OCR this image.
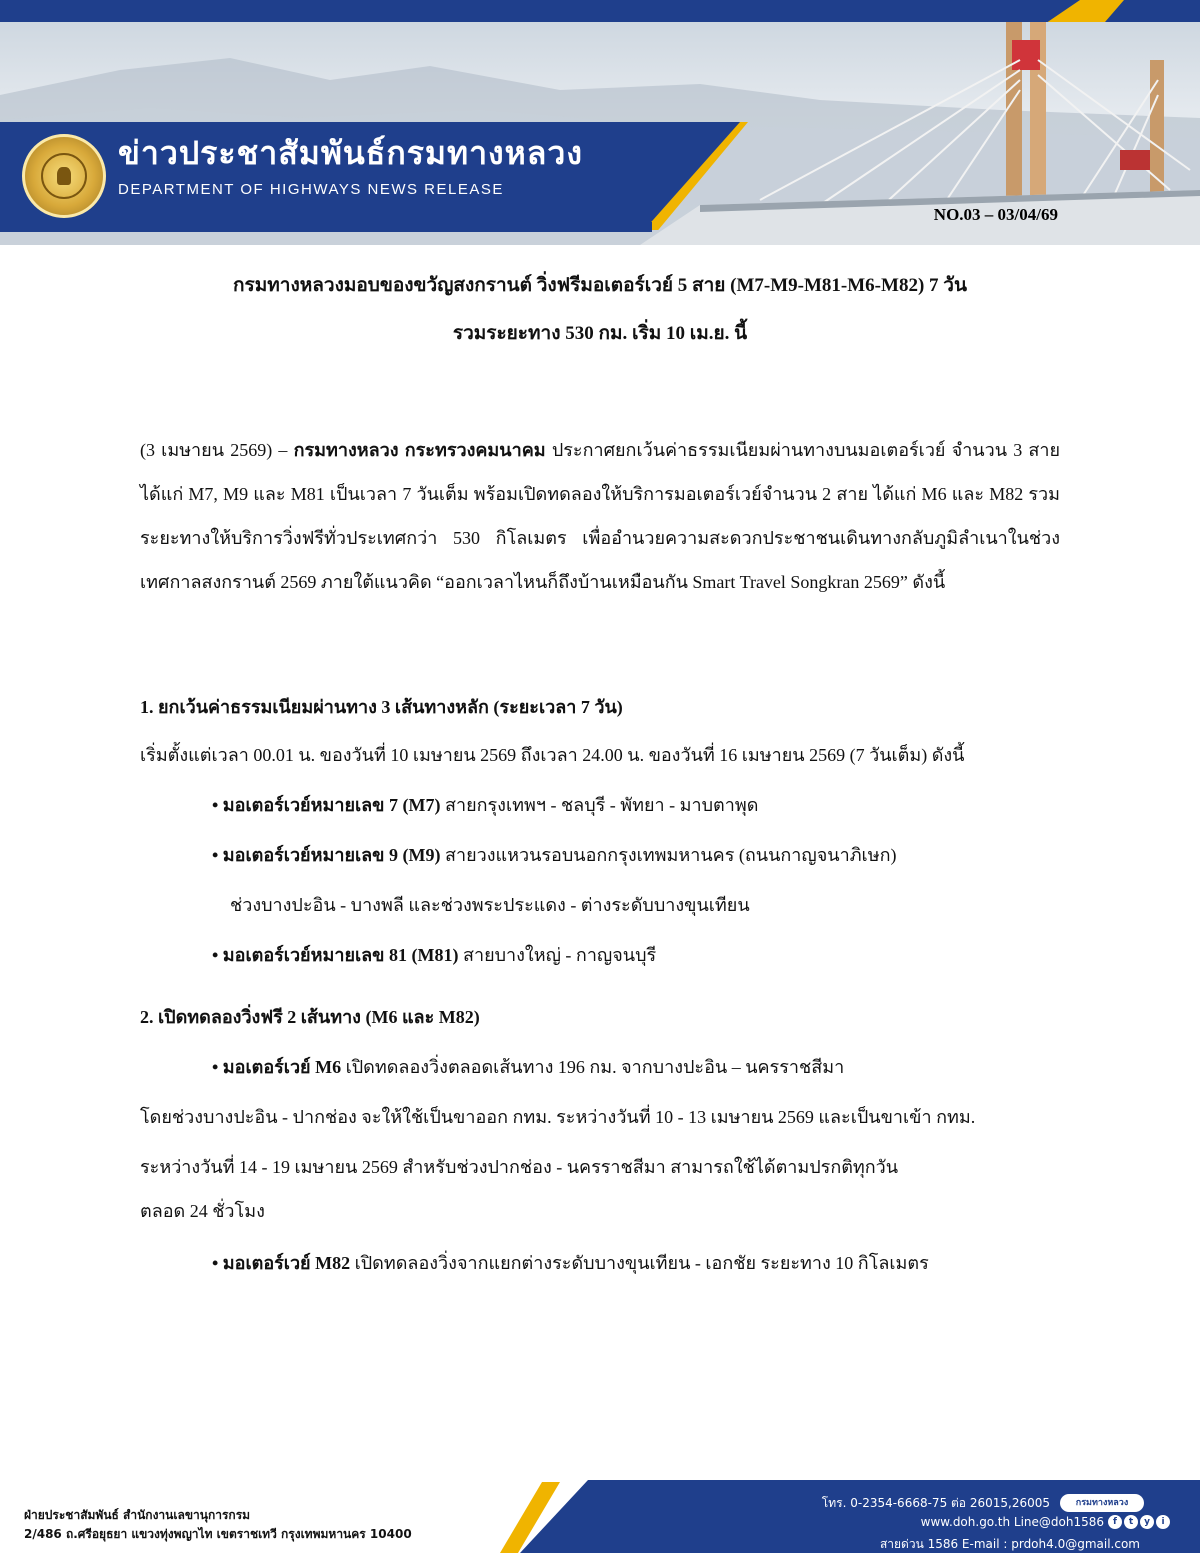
ข่าวประชาสัมพันธ์กรมทางหลวง
DEPARTMENT OF HIGHWAYS NEWS RELEASE
NO.03 – 03/04/69
กรมทางหลวงมอบของขวัญสงกรานต์ วิ่งฟรีมอเตอร์เวย์ 5 สาย (M7-M9-M81-M6-M82) 7 วัน
รวมระยะทาง 530 กม. เริ่ม 10 เม.ย. นี้
(3 เมษายน 2569) – กรมทางหลวง กระทรวงคมนาคม ประกาศยกเว้นค่าธรรมเนียมผ่านทางบนมอเตอร์เวย์ จำนวน 3 สาย ได้แก่ M7, M9 และ M81 เป็นเวลา 7 วันเต็ม พร้อมเปิดทดลองให้บริการมอเตอร์เวย์จำนวน 2 สาย ได้แก่ M6 และ M82 รวมระยะทางให้บริการวิ่งฟรีทั่วประเทศกว่า 530 กิโลเมตร เพื่ออำนวยความสะดวกประชาชนเดินทางกลับภูมิลำเนาในช่วงเทศกาลสงกรานต์ 2569 ภายใต้แนวคิด “ออกเวลาไหนก็ถึงบ้านเหมือนกัน Smart Travel Songkran 2569” ดังนี้
1. ยกเว้นค่าธรรมเนียมผ่านทาง 3 เส้นทางหลัก (ระยะเวลา 7 วัน)
เริ่มตั้งแต่เวลา 00.01 น. ของวันที่ 10 เมษายน 2569 ถึงเวลา 24.00 น. ของวันที่ 16 เมษายน 2569 (7 วันเต็ม) ดังนี้
• มอเตอร์เวย์หมายเลข 7 (M7) สายกรุงเทพฯ - ชลบุรี - พัทยา - มาบตาพุด
• มอเตอร์เวย์หมายเลข 9 (M9) สายวงแหวนรอบนอกกรุงเทพมหานคร (ถนนกาญจนาภิเษก)
ช่วงบางปะอิน - บางพลี และช่วงพระประแดง - ต่างระดับบางขุนเทียน
• มอเตอร์เวย์หมายเลข 81 (M81) สายบางใหญ่ - กาญจนบุรี
2. เปิดทดลองวิ่งฟรี 2 เส้นทาง (M6 และ M82)
• มอเตอร์เวย์ M6 เปิดทดลองวิ่งตลอดเส้นทาง 196 กม. จากบางปะอิน – นครราชสีมา
โดยช่วงบางปะอิน - ปากช่อง จะให้ใช้เป็นขาออก กทม. ระหว่างวันที่ 10 - 13 เมษายน 2569 และเป็นขาเข้า กทม.
ระหว่างวันที่ 14 - 19 เมษายน 2569 สำหรับช่วงปากช่อง - นครราชสีมา สามารถใช้ได้ตามปรกติทุกวัน
ตลอด 24 ชั่วโมง
• มอเตอร์เวย์ M82 เปิดทดลองวิ่งจากแยกต่างระดับบางขุนเทียน - เอกชัย ระยะทาง 10 กิโลเมตร
ฝ่ายประชาสัมพันธ์ สำนักงานเลขานุการกรม
2/486 ถ.ศรีอยุธยา แขวงทุ่งพญาไท เขตราชเทวี กรุงเทพมหานคร 10400
โทร. 0-2354-6668-75 ต่อ 26015,26005
www.doh.go.th Line@doh1586
สายด่วน 1586 E-mail : prdoh4.0@gmail.com
กรมทางหลวง
f	t	y	i
